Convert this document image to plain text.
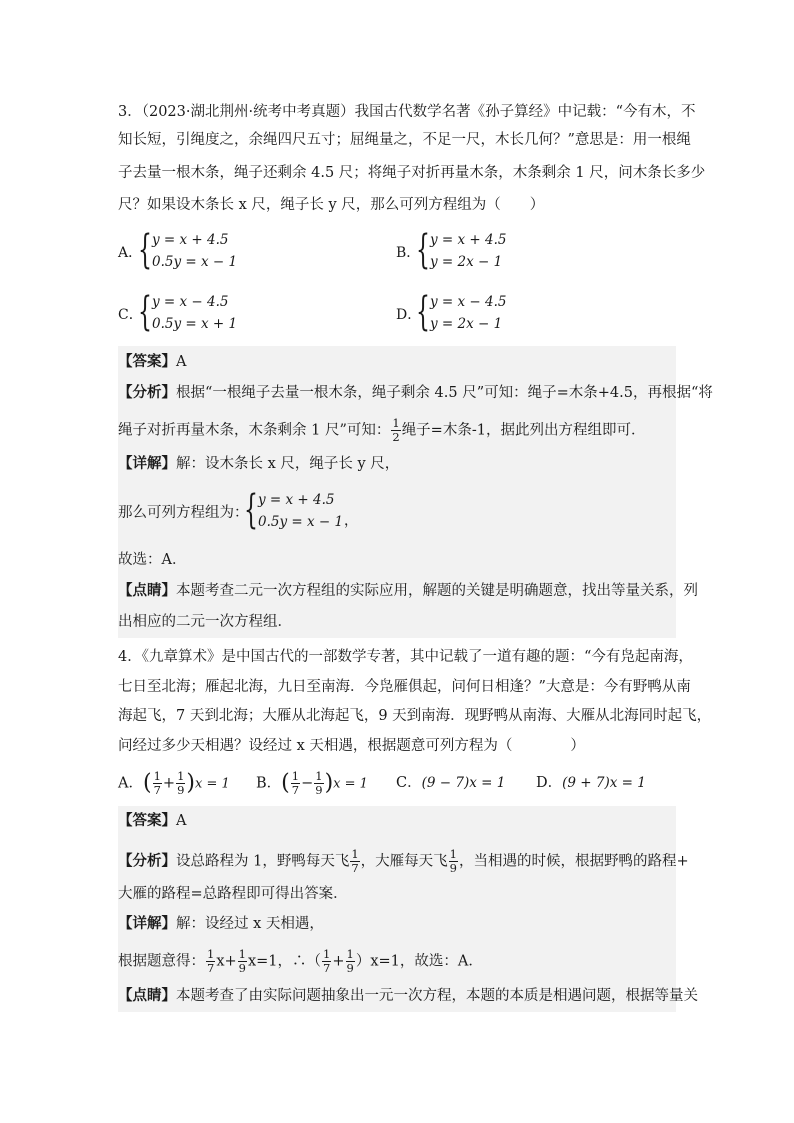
3．（2023·湖北荆州·统考中考真题）我国古代数学名著《孙子算经》中记载：“今有木，不
知长短，引绳度之，余绳四尺五寸；屈绳量之，不足一尺，木长几何？”意思是：用一根绳
子去量一根木条，绳子还剩余 4.5 尺；将绳子对折再量木条，木条剩余 1 尺，问木条长多少
尺？如果设木条长 x 尺，绳子长 y 尺，那么可列方程组为（　　）
A．
{ y = x + 4.5
0.5y = x − 1
B．
{ y = x + 4.5
y = 2x − 1
C．
{ y = x − 4.5
0.5y = x + 1
D．
{ y = x − 4.5
y = 2x − 1
【答案】A
【分析】根据“一根绳子去量一根木条，绳子剩余 4.5 尺”可知：绳子=木条+4.5，再根据“将
绳子对折再量木条，木条剩余 1 尺”可知： $\frac{1}{2}$ 绳子=木条-1，据此列出方程组即可．
【详解】解：设木条长 x 尺，绳子长 y 尺，
那么可列方程组为：
{ y = x + 4.5
0.5y = x − 1 ，
故选：A．
【点睛】本题考查二元一次方程组的实际应用，解题的关键是明确题意，找出等量关系，列
出相应的二元一次方程组．
4．《九章算术》是中国古代的一部数学专著，其中记载了一道有趣的题：“今有凫起南海，
七日至北海；雁起北海，九日至南海．今凫雁俱起，问何日相逢？”大意是：今有野鸭从南
海起飞，7 天到北海；大雁从北海起飞，9 天到南海．现野鸭从南海、大雁从北海同时起飞，
问经过多少天相遇？设经过 x 天相遇，根据题意可列方程为（　　　　）
A．( $\frac{1}{7} + \frac{1}{9} )x = 1$ B．( $\frac{1}{7} - \frac{1}{9} )x = 1$ C．(9 − 7)x = 1 D．(9 + 7)x = 1
【答案】A
【分析】设总路程为 1，野鸭每天飞 $\frac{1}{7}$ ，大雁每天飞 $\frac{1}{9}$ ，当相遇的时候，根据野鸭的路程+
大雁的路程=总路程即可得出答案．
【详解】解：设经过 x 天相遇，
根据题意得： $\frac{1}{7} x+ \frac{1}{9} x=1$，∴（ $\frac{1}{7} + \frac{1}{9} )x=1$，故选：A．
【点睛】本题考查了由实际问题抽象出一元一次方程，本题的本质是相遇问题，根据等量关
